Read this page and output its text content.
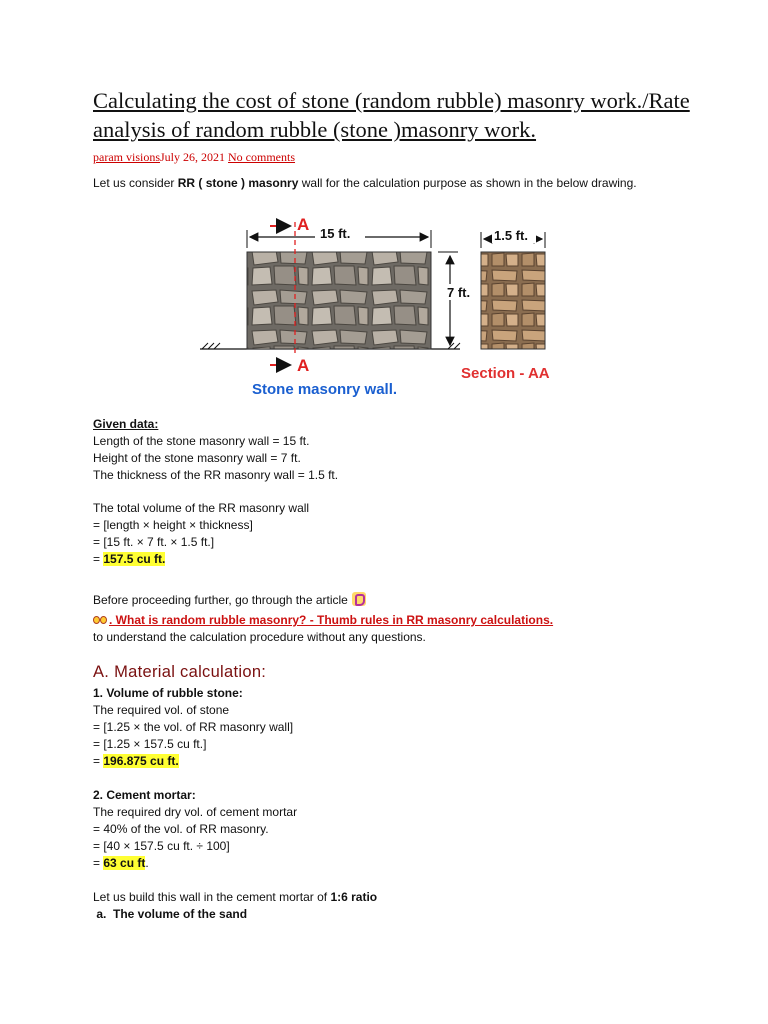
Calculating the cost of stone (random rubble) masonry work./Rate analysis of random rubble (stone )masonry work.
param visionsJuly 26, 2021 No comments
Let us consider RR ( stone ) masonry wall for the calculation purpose as shown in the below drawing.
15 ft.
A
7 ft.
A
1.5 ft.
Stone masonry wall.
Section - AA
Given data:
Length of the stone masonry wall = 15 ft.
Height of the stone masonry wall = 7 ft.
The thickness of the RR masonry wall = 1.5 ft.
The total volume of the RR masonry wall
= [length × height × thickness]
= [15 ft. × 7 ft. × 1.5 ft.]
= 157.5 cu ft.
Before proceeding further, go through the article
. What is random rubble masonry? - Thumb rules in RR masonry calculations.
to understand the calculation procedure without any questions.
A. Material calculation:
1. Volume of rubble stone:
The required vol. of stone
= [1.25 × the vol. of RR masonry wall]
= [1.25 × 157.5 cu ft.]
= 196.875 cu ft.
2. Cement mortar:
The required dry vol. of cement mortar
= 40% of the vol. of RR masonry.
= [40 × 157.5 cu ft. ÷ 100]
= 63 cu ft.
Let us build this wall in the cement mortar of 1:6 ratio
a.  The volume of the sand
